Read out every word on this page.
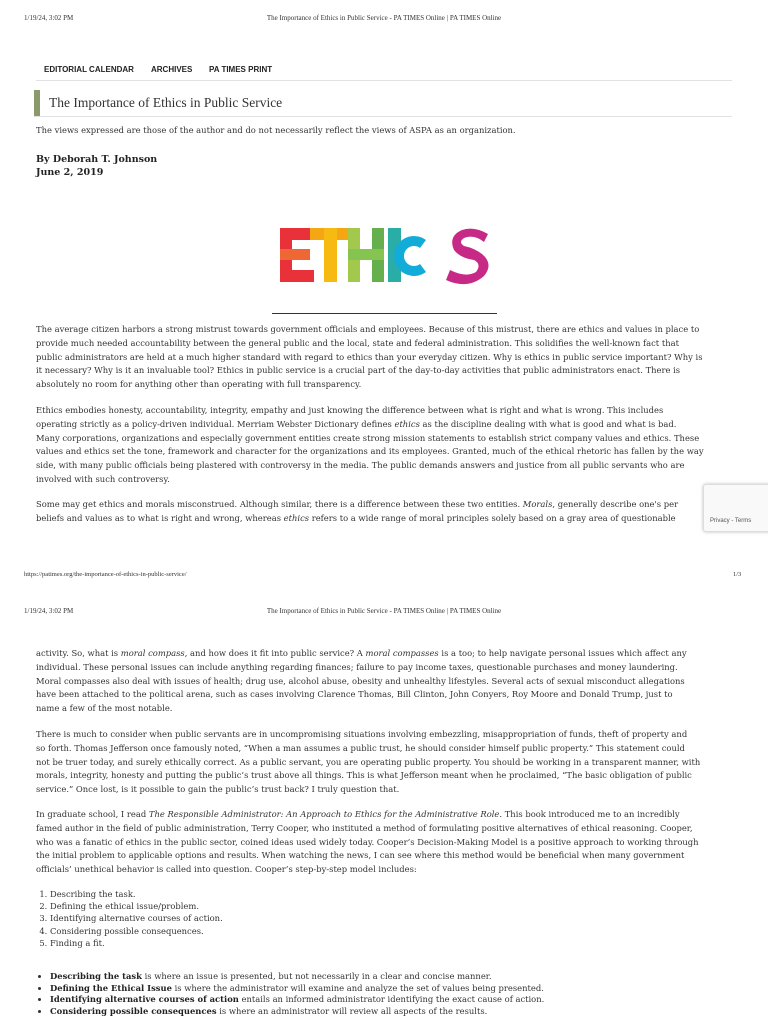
1/19/24, 3:02 PM	The Importance of Ethics in Public Service - PA TIMES Online | PA TIMES Online
EDITORIAL CALENDAR ARCHIVES PA TIMES PRINT
The Importance of Ethics in Public Service
The views expressed are those of the author and do not necessarily reflect the views of ASPA as an organization.
By Deborah T. Johnson
June 2, 2019

The average citizen harbors a strong mistrust towards government officials and employees. Because of this mistrust, there are ethics and values in place to
provide much needed accountability between the general public and the local, state and federal administration. This solidifies the well-known fact that
public administrators are held at a much higher standard with regard to ethics than your everyday citizen. Why is ethics in public service important? Why is
it necessary? Why is it an invaluable tool? Ethics in public service is a crucial part of the day-to-day activities that public administrators enact. There is
absolutely no room for anything other than operating with full transparency.

Ethics embodies honesty, accountability, integrity, empathy and just knowing the difference between what is right and what is wrong. This includes
operating strictly as a policy-driven individual. Merriam Webster Dictionary defines ethics as the discipline dealing with what is good and what is bad.
Many corporations, organizations and especially government entities create strong mission statements to establish strict company values and ethics. These
values and ethics set the tone, framework and character for the organizations and its employees. Granted, much of the ethical rhetoric has fallen by the way
side, with many public officials being plastered with controversy in the media. The public demands answers and justice from all public servants who are
involved with such controversy.

Some may get ethics and morals misconstrued. Although similar, there is a difference between these two entities. Morals, generally describe one's per
beliefs and values as to what is right and wrong, whereas ethics refers to a wide range of moral principles solely based on a gray area of questionable	Privacy - Terms
https://patimes.org/the-importance-of-ethics-in-public-service/	1/3
1/19/24, 3:02 PM	The Importance of Ethics in Public Service - PA TIMES Online | PA TIMES Online

activity. So, what is moral compass, and how does it fit into public service? A moral compasses is a too; to help navigate personal issues which affect any
individual. These personal issues can include anything regarding finances; failure to pay income taxes, questionable purchases and money laundering.
Moral compasses also deal with issues of health; drug use, alcohol abuse, obesity and unhealthy lifestyles. Several acts of sexual misconduct allegations
have been attached to the political arena, such as cases involving Clarence Thomas, Bill Clinton, John Conyers, Roy Moore and Donald Trump, just to
name a few of the most notable.

There is much to consider when public servants are in uncompromising situations involving embezzling, misappropriation of funds, theft of property and
so forth. Thomas Jefferson once famously noted, “When a man assumes a public trust, he should consider himself public property.” This statement could
not be truer today, and surely ethically correct. As a public servant, you are operating public property. You should be working in a transparent manner, with
morals, integrity, honesty and putting the public’s trust above all things. This is what Jefferson meant when he proclaimed, “The basic obligation of public
service.” Once lost, is it possible to gain the public’s trust back? I truly question that.

In graduate school, I read The Responsible Administrator: An Approach to Ethics for the Administrative Role. This book introduced me to an incredibly
famed author in the field of public administration, Terry Cooper, who instituted a method of formulating positive alternatives of ethical reasoning. Cooper,
who was a fanatic of ethics in the public sector, coined ideas used widely today. Cooper’s Decision-Making Model is a positive approach to working through
the initial problem to applicable options and results. When watching the news, I can see where this method would be beneficial when many government
officials’ unethical behavior is called into question. Cooper’s step-by-step model includes:

1. Describing the task.
2. Defining the ethical issue/problem.
3. Identifying alternative courses of action.
4. Considering possible consequences.
5. Finding a fit.
• Describing the task is where an issue is presented, but not necessarily in a clear and concise manner.
• Defining the Ethical Issue is where the administrator will examine and analyze the set of values being presented.
• Identifying alternative courses of action entails an informed administrator identifying the exact cause of action.
• Considering possible consequences is where an administrator will review all aspects of the results.
